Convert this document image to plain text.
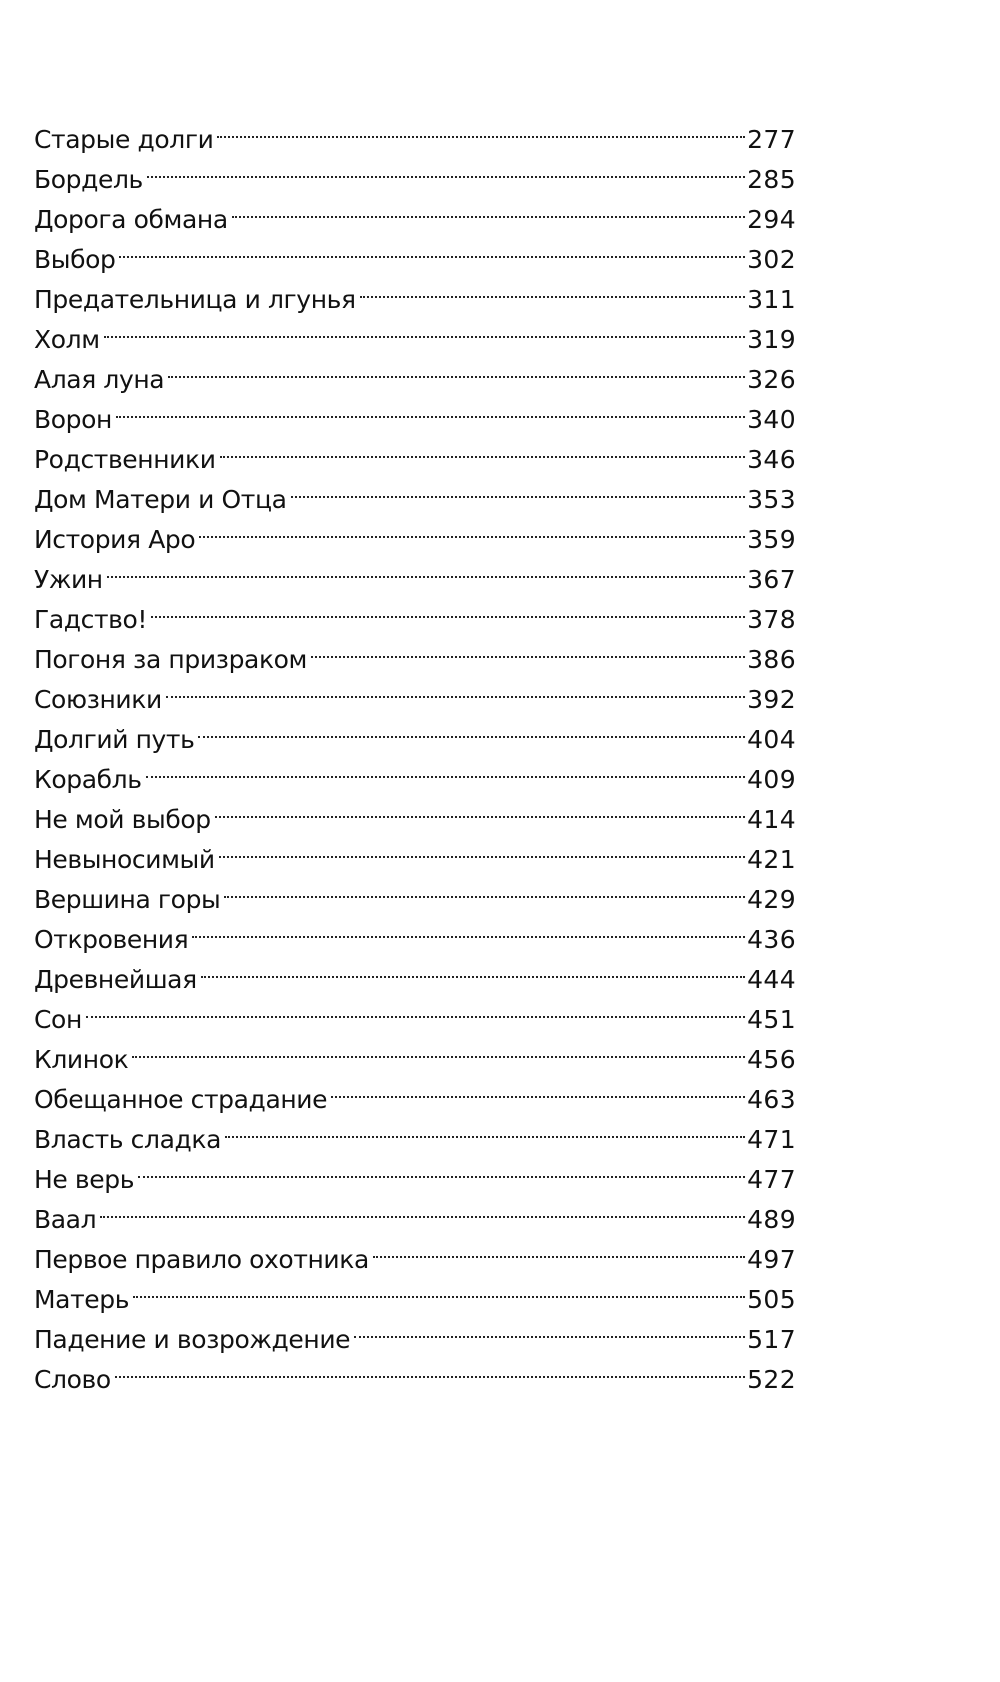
Старые долги	277
Бордель	285
Дорога обмана	294
Выбор	302
Предательница и лгунья	311
Холм	319
Алая луна	326
Ворон	340
Родственники	346
Дом Матери и Отца	353
История Аро	359
Ужин	367
Гадство!	378
Погоня за призраком	386
Союзники	392
Долгий путь	404
Корабль	409
Не мой выбор	414
Невыносимый	421
Вершина горы	429
Откровения	436
Древнейшая	444
Сон	451
Клинок	456
Обещанное страдание	463
Власть сладка	471
Не верь	477
Ваал	489
Первое правило охотника	497
Матерь	505
Падение и возрождение	517
Слово	522
